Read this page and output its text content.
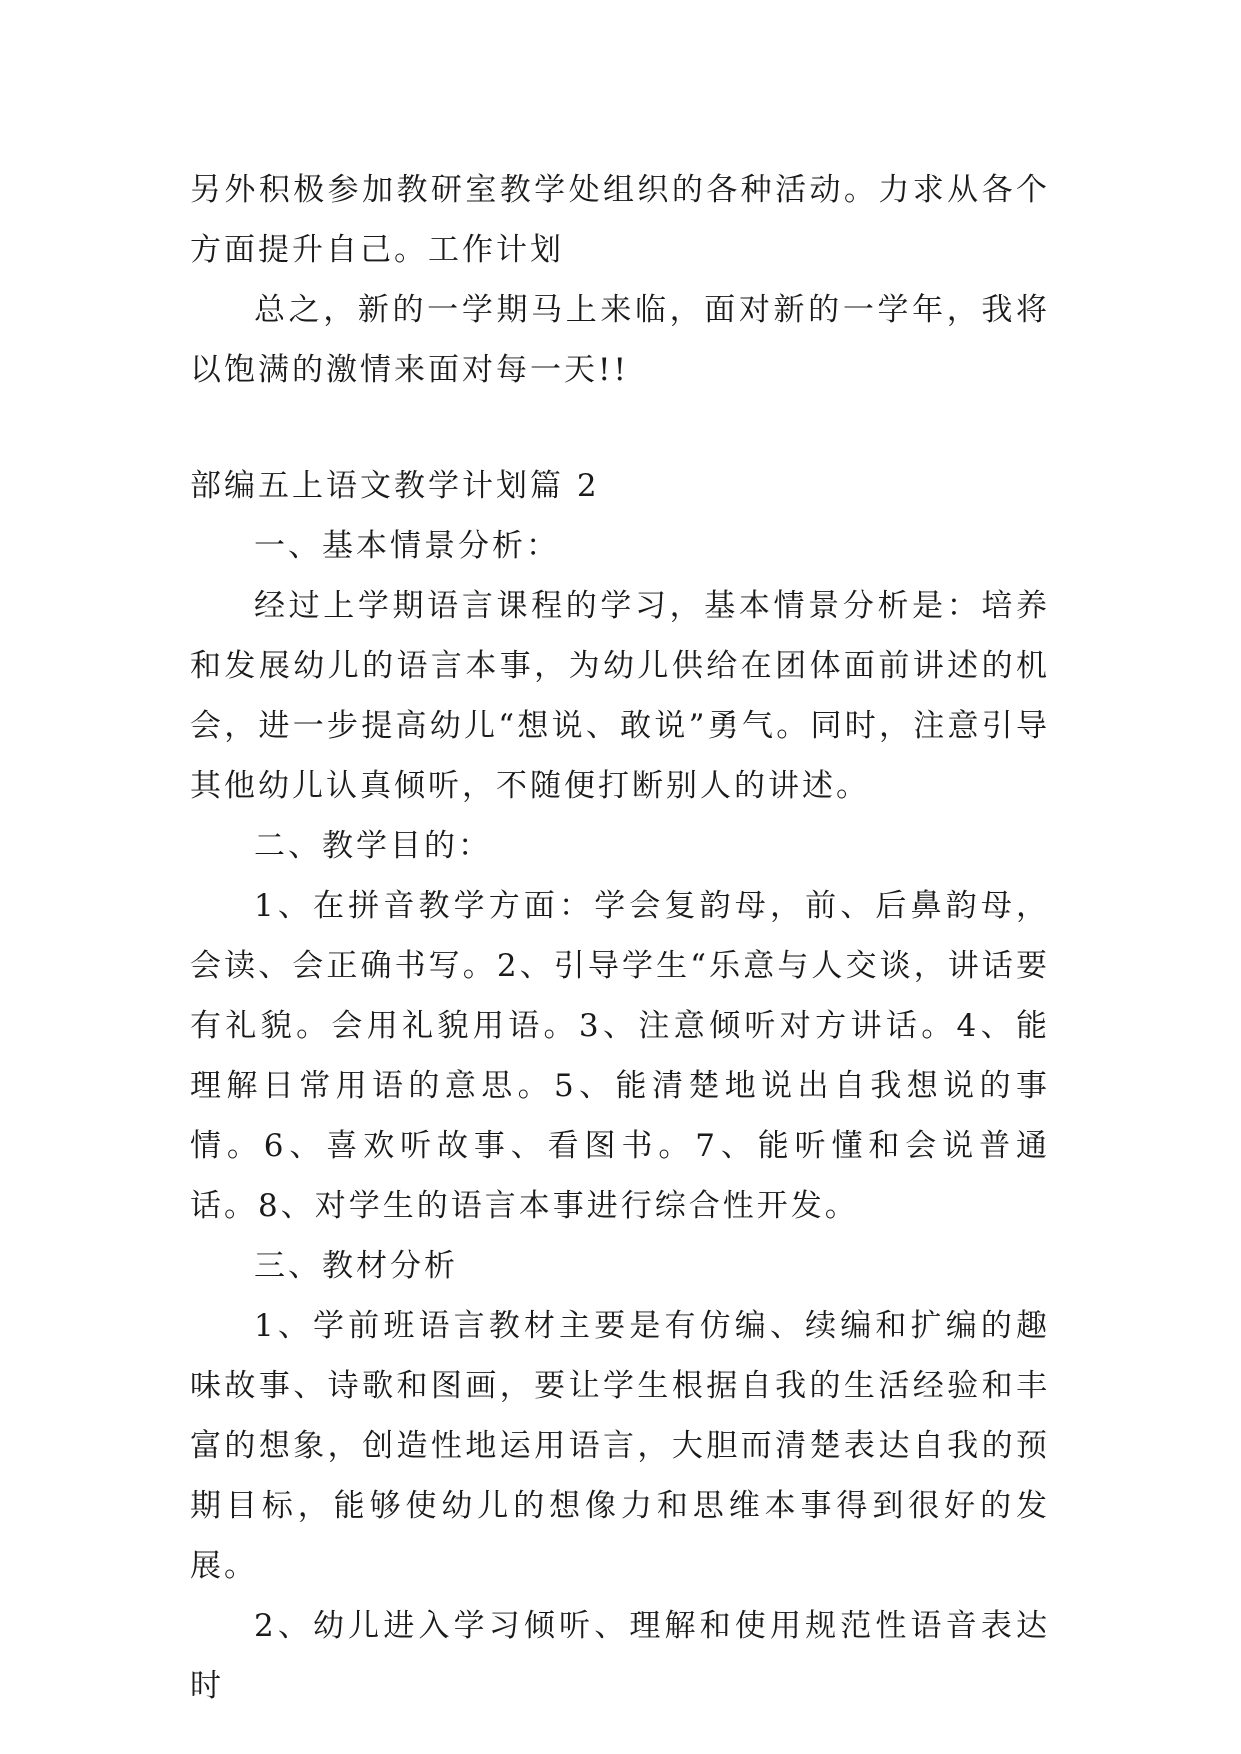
另外积极参加教研室教学处组织的各种活动。力求从各个方面提升自己。工作计划

总之，新的一学期马上来临，面对新的一学年，我将以饱满的激情来面对每一天!!

部编五上语文教学计划篇 2

一、基本情景分析：

经过上学期语言课程的学习，基本情景分析是：培养和发展幼儿的语言本事，为幼儿供给在团体面前讲述的机会，进一步提高幼儿“想说、敢说”勇气。同时，注意引导其他幼儿认真倾听，不随便打断别人的讲述。

二、教学目的：

1、在拼音教学方面：学会复韵母，前、后鼻韵母，会读、会正确书写。2、引导学生“乐意与人交谈，讲话要有礼貌。会用礼貌用语。3、注意倾听对方讲话。4、能理解日常用语的意思。5、能清楚地说出自我想说的事情。6、喜欢听故事、看图书。7、能听懂和会说普通话。8、对学生的语言本事进行综合性开发。

三、教材分析

1、学前班语言教材主要是有仿编、续编和扩编的趣味故事、诗歌和图画，要让学生根据自我的生活经验和丰富的想象，创造性地运用语言，大胆而清楚表达自我的预期目标，能够使幼儿的想像力和思维本事得到很好的发展。

2、幼儿进入学习倾听、理解和使用规范性语音表达时
